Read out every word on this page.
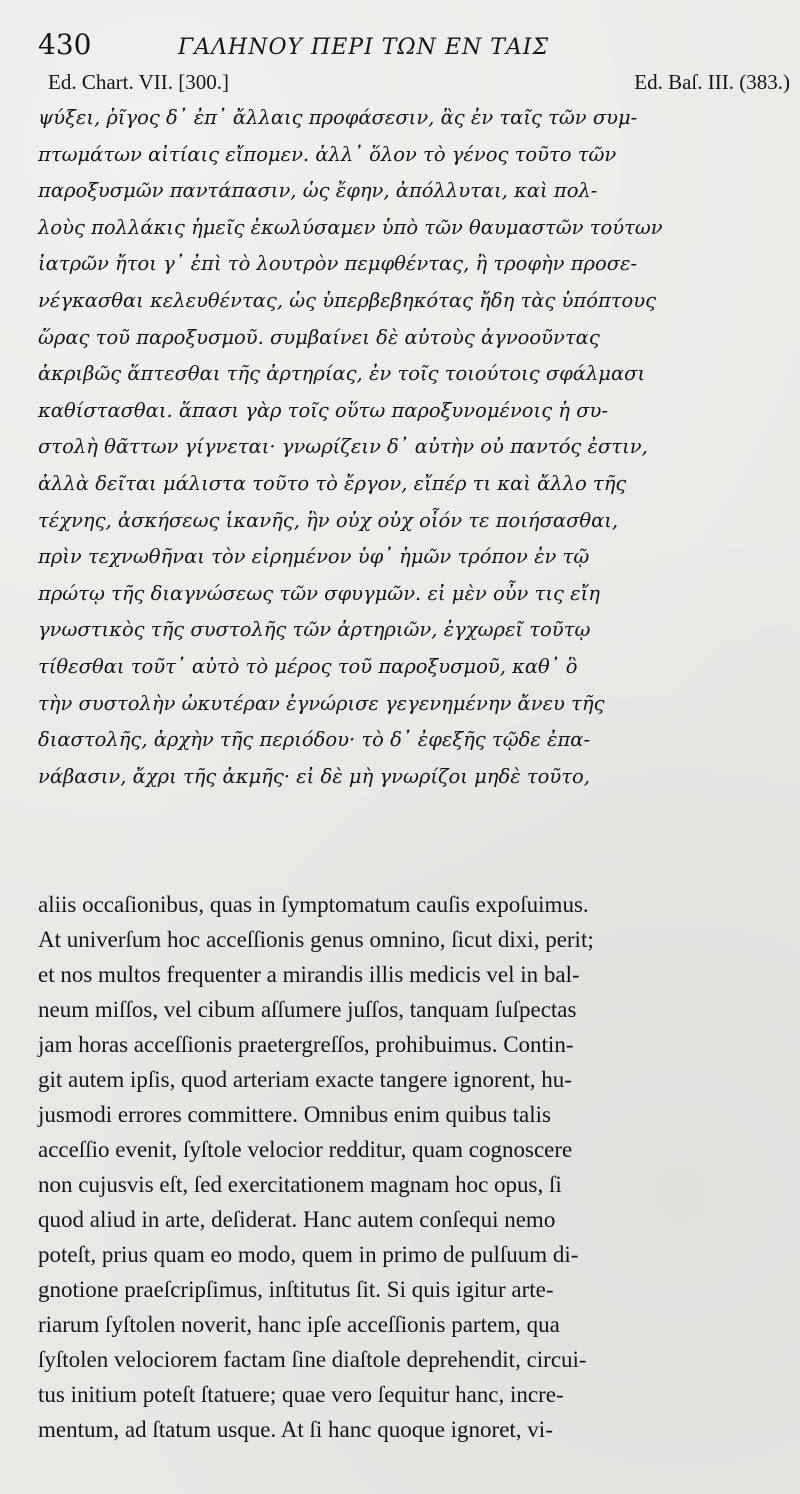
430	ΓΑΛΗΝΟΥ ΠΕΡΙ ΤΩΝ ΕΝ ΤΑΙΣ
Ed. Chart. VII. [300.]	Ed. Baſ. III. (383.)
ψύξει, ῥῖγος δ᾽ ἐπ᾽ ἄλλαις προφάσεσιν, ἃς ἐν ταῖς τῶν συμ-
πτωμάτων αἰτίαις εἴπομεν. ἀλλ᾽ ὅλον τὸ γένος τοῦτο τῶν
παροξυσμῶν παντάπασιν, ὡς ἔφην, ἀπόλλυται, καὶ πολ-
λοὺς πολλάκις ἡμεῖς ἐκωλύσαμεν ὑπὸ τῶν θαυμαστῶν τούτων
ἰατρῶν ἤτοι γ᾽ ἐπὶ τὸ λουτρὸν πεμφθέντας, ἢ τροφὴν προσε-
νέγκασθαι κελευθέντας, ὡς ὑπερβεβηκότας ἤδη τὰς ὑπόπτους
ὥρας τοῦ παροξυσμοῦ. συμβαίνει δὲ αὐτοὺς ἀγνοοῦντας
ἀκριβῶς ἅπτεσθαι τῆς ἀρτηρίας, ἐν τοῖς τοιούτοις σφάλμασι
καθίστασθαι. ἅπασι γὰρ τοῖς οὕτω παροξυνομένοις ἡ συ-
στολὴ θᾶττων γίγνεται· γνωρίζειν δ᾽ αὐτὴν οὐ παντός ἐστιν,
ἀλλὰ δεῖται μάλιστα τοῦτο τὸ ἔργον, εἴπέρ τι καὶ ἄλλο τῆς
τέχνης, ἀσκήσεως ἱκανῆς, ἣν οὐχ οὐχ οἷόν τε ποιήσασθαι,
πρὶν τεχνωθῆναι τὸν εἰρημένον ὑφ᾽ ἡμῶν τρόπον ἐν τῷ
πρώτῳ τῆς διαγνώσεως τῶν σφυγμῶν. εἰ μὲν οὖν τις εἴη
γνωστικὸς τῆς συστολῆς τῶν ἀρτηριῶν, ἐγχωρεῖ τοῦτῳ
τίθεσθαι τοῦτ᾽ αὐτὸ τὸ μέρος τοῦ παροξυσμοῦ, καθ᾽ ὃ
τὴν συστολὴν ὠκυτέραν ἐγνώρισε γεγενημένην ἄνευ τῆς
διαστολῆς, ἀρχὴν τῆς περιόδου· τὸ δ᾽ ἐφεξῆς τῷδε ἐπα-
νάβασιν, ἄχρι τῆς ἀκμῆς· εἰ δὲ μὴ γνωρίζοι μηδὲ τοῦτο,
aliis occaſionibus, quas in ſymptomatum cauſis expoſuimus.
At univerſum hoc acceſſionis genus omnino, ſicut dixi, perit;
et nos multos frequenter a mirandis illis medicis vel in bal-
neum miſſos, vel cibum aſſumere juſſos, tanquam ſuſpectas
jam horas acceſſionis praetergreſſos, prohibuimus. Contin-
git autem ipſis, quod arteriam exacte tangere ignorent, hu-
jusmodi errores committere. Omnibus enim quibus talis
acceſſio evenit, ſyſtole velocior redditur, quam cognoscere
non cujusvis eſt, ſed exercitationem magnam hoc opus, ſi
quod aliud in arte, deſiderat. Hanc autem conſequi nemo
poteſt, prius quam eo modo, quem in primo de pulſuum di-
gnotione praeſcripſimus, inſtitutus ſit. Si quis igitur arte-
riarum ſyſtolen noverit, hanc ipſe acceſſionis partem, qua
ſyſtolen velociorem factam ſine diaſtole deprehendit, circui-
tus initium poteſt ſtatuere; quae vero ſequitur hanc, incre-
mentum, ad ſtatum usque. At ſi hanc quoque ignoret, vi-
